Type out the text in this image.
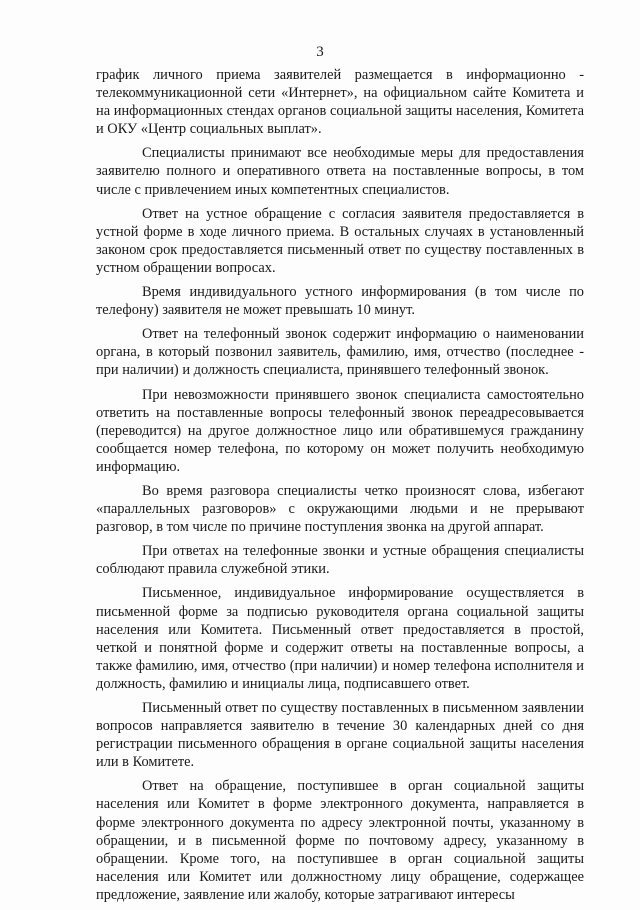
3

график личного приема заявителей размещается в информационно - телекоммуникационной сети «Интернет», на официальном сайте Комитета и на информационных стендах органов социальной защиты населения, Комитета и ОКУ «Центр социальных выплат».

Специалисты принимают все необходимые меры для предоставления заявителю полного и оперативного ответа на поставленные вопросы, в том числе с привлечением иных компетентных специалистов.

Ответ на устное обращение с согласия заявителя предоставляется в устной форме в ходе личного приема. В остальных случаях в установленный законом срок предоставляется письменный ответ по существу поставленных в устном обращении вопросах.

Время индивидуального устного информирования (в том числе по телефону) заявителя не может превышать 10 минут.

Ответ на телефонный звонок содержит информацию о наименовании органа, в который позвонил заявитель, фамилию, имя, отчество (последнее - при наличии) и должность специалиста, принявшего телефонный звонок.

При невозможности принявшего звонок специалиста самостоятельно ответить на поставленные вопросы телефонный звонок переадресовывается (переводится) на другое должностное лицо или обратившемуся гражданину сообщается номер телефона, по которому он может получить необходимую информацию.

Во время разговора специалисты четко произносят слова, избегают «параллельных разговоров» с окружающими людьми и не прерывают разговор, в том числе по причине поступления звонка на другой аппарат.

При ответах на телефонные звонки и устные обращения специалисты соблюдают правила служебной этики.

Письменное, индивидуальное информирование осуществляется в письменной форме за подписью руководителя органа социальной защиты населения или Комитета. Письменный ответ предоставляется в простой, четкой и понятной форме и содержит ответы на поставленные вопросы, а также фамилию, имя, отчество (при наличии) и номер телефона исполнителя и должность, фамилию и инициалы лица, подписавшего ответ.

Письменный ответ по существу поставленных в письменном заявлении вопросов направляется заявителю в течение 30 календарных дней со дня регистрации письменного обращения в органе социальной защиты населения или в Комитете.

Ответ на обращение, поступившее в орган социальной защиты населения или Комитет в форме электронного документа, направляется в форме электронного документа по адресу электронной почты, указанному в обращении, и в письменной форме по почтовому адресу, указанному в обращении. Кроме того, на поступившее в орган социальной защиты населения или Комитет или должностному лицу обращение, содержащее предложение, заявление или жалобу, которые затрагивают интересы
